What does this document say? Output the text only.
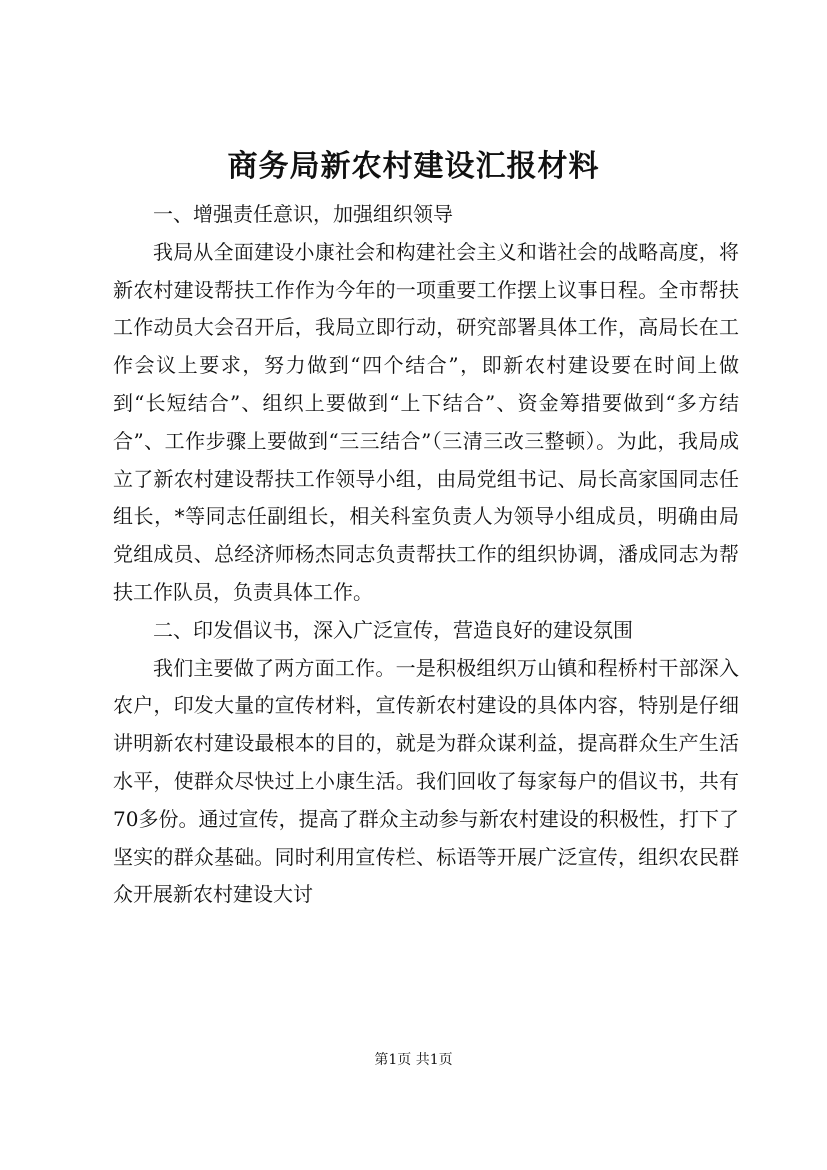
商务局新农村建设汇报材料

一、增强责任意识，加强组织领导

我局从全面建设小康社会和构建社会主义和谐社会的战略高度，将新农村建设帮扶工作作为今年的一项重要工作摆上议事日程。全市帮扶工作动员大会召开后，我局立即行动，研究部署具体工作，高局长在工作会议上要求，努力做到“四个结合”，即新农村建设要在时间上做到“长短结合”、组织上要做到“上下结合”、资金筹措要做到“多方结合”、工作步骤上要做到“三三结合”（三清三改三整顿）。为此，我局成立了新农村建设帮扶工作领导小组，由局党组书记、局长高家国同志任组长，*等同志任副组长，相关科室负责人为领导小组成员，明确由局党组成员、总经济师杨杰同志负责帮扶工作的组织协调，潘成同志为帮扶工作队员，负责具体工作。

二、印发倡议书，深入广泛宣传，营造良好的建设氛围

我们主要做了两方面工作。一是积极组织万山镇和程桥村干部深入农户，印发大量的宣传材料，宣传新农村建设的具体内容，特别是仔细讲明新农村建设最根本的目的，就是为群众谋利益，提高群众生产生活水平，使群众尽快过上小康生活。我们回收了每家每户的倡议书，共有70多份。通过宣传，提高了群众主动参与新农村建设的积极性，打下了坚实的群众基础。同时利用宣传栏、标语等开展广泛宣传，组织农民群众开展新农村建设大讨

第1页 共1页
